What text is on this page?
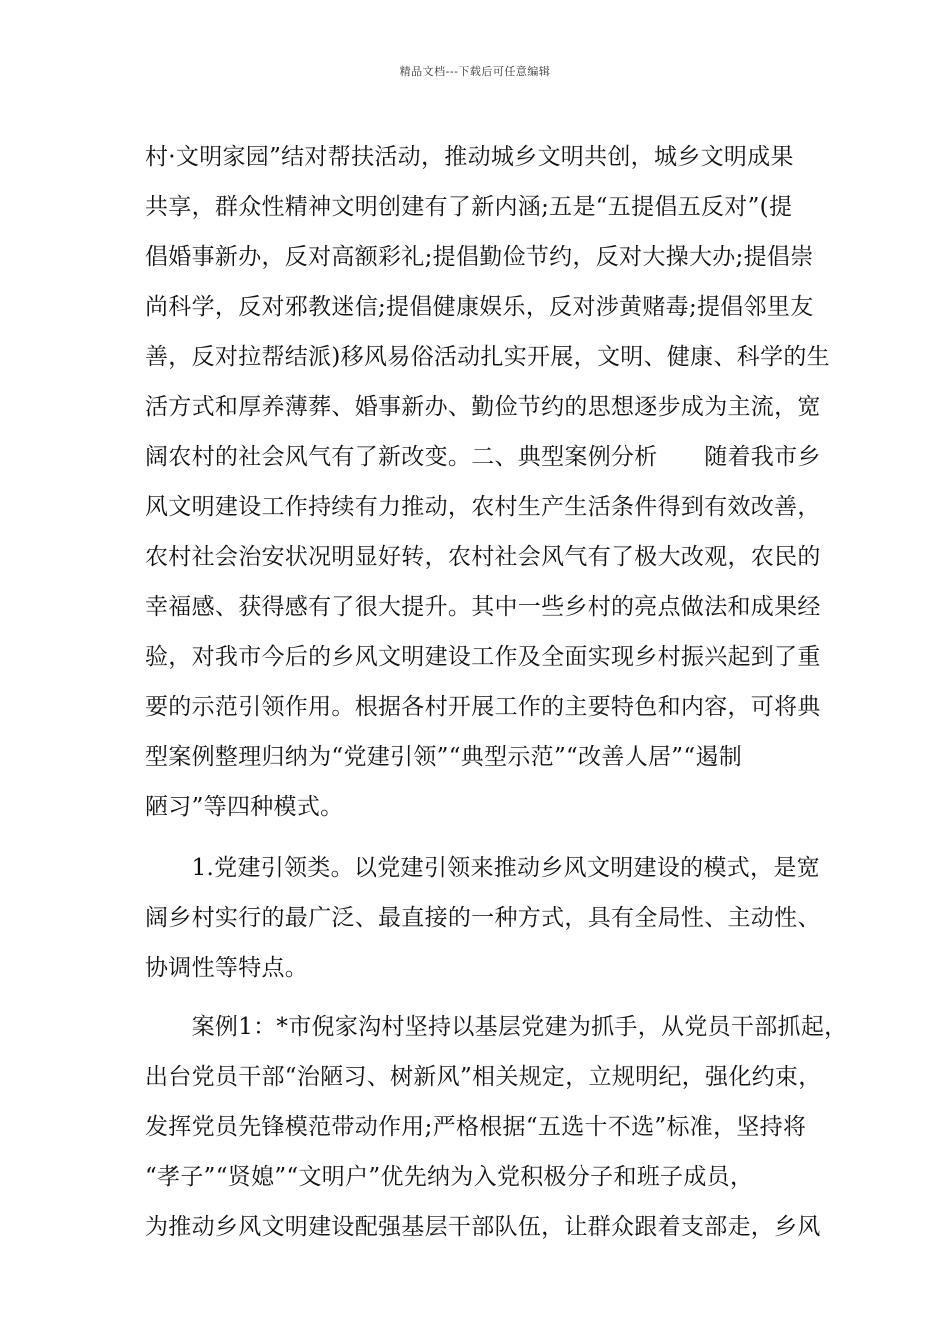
精品文档---下载后可任意编辑
村·文明家园”结对帮扶活动，推动城乡文明共创，城乡文明成果
共享，群众性精神文明创建有了新内涵;五是“五提倡五反对”(提
倡婚事新办，反对高额彩礼;提倡勤俭节约，反对大操大办;提倡崇
尚科学，反对邪教迷信;提倡健康娱乐，反对涉黄赌毒;提倡邻里友
善，反对拉帮结派)移风易俗活动扎实开展，文明、健康、科学的生
活方式和厚养薄葬、婚事新办、勤俭节约的思想逐步成为主流，宽
阔农村的社会风气有了新改变。二、典型案例分析　　随着我市乡
风文明建设工作持续有力推动，农村生产生活条件得到有效改善，
农村社会治安状况明显好转，农村社会风气有了极大改观，农民的
幸福感、获得感有了很大提升。其中一些乡村的亮点做法和成果经
验，对我市今后的乡风文明建设工作及全面实现乡村振兴起到了重
要的示范引领作用。根据各村开展工作的主要特色和内容，可将典
型案例整理归纳为“党建引领”“典型示范”“改善人居”“遏制
陋习”等四种模式。
　　1.党建引领类。以党建引领来推动乡风文明建设的模式，是宽
阔乡村实行的最广泛、最直接的一种方式，具有全局性、主动性、
协调性等特点。
　　案例1：*市倪家沟村坚持以基层党建为抓手，从党员干部抓起，
出台党员干部“治陋习、树新风”相关规定，立规明纪，强化约束，
发挥党员先锋模范带动作用;严格根据“五选十不选”标准，坚持将
“孝子”“贤媳”“文明户”优先纳为入党积极分子和班子成员，
为推动乡风文明建设配强基层干部队伍，让群众跟着支部走，乡风
